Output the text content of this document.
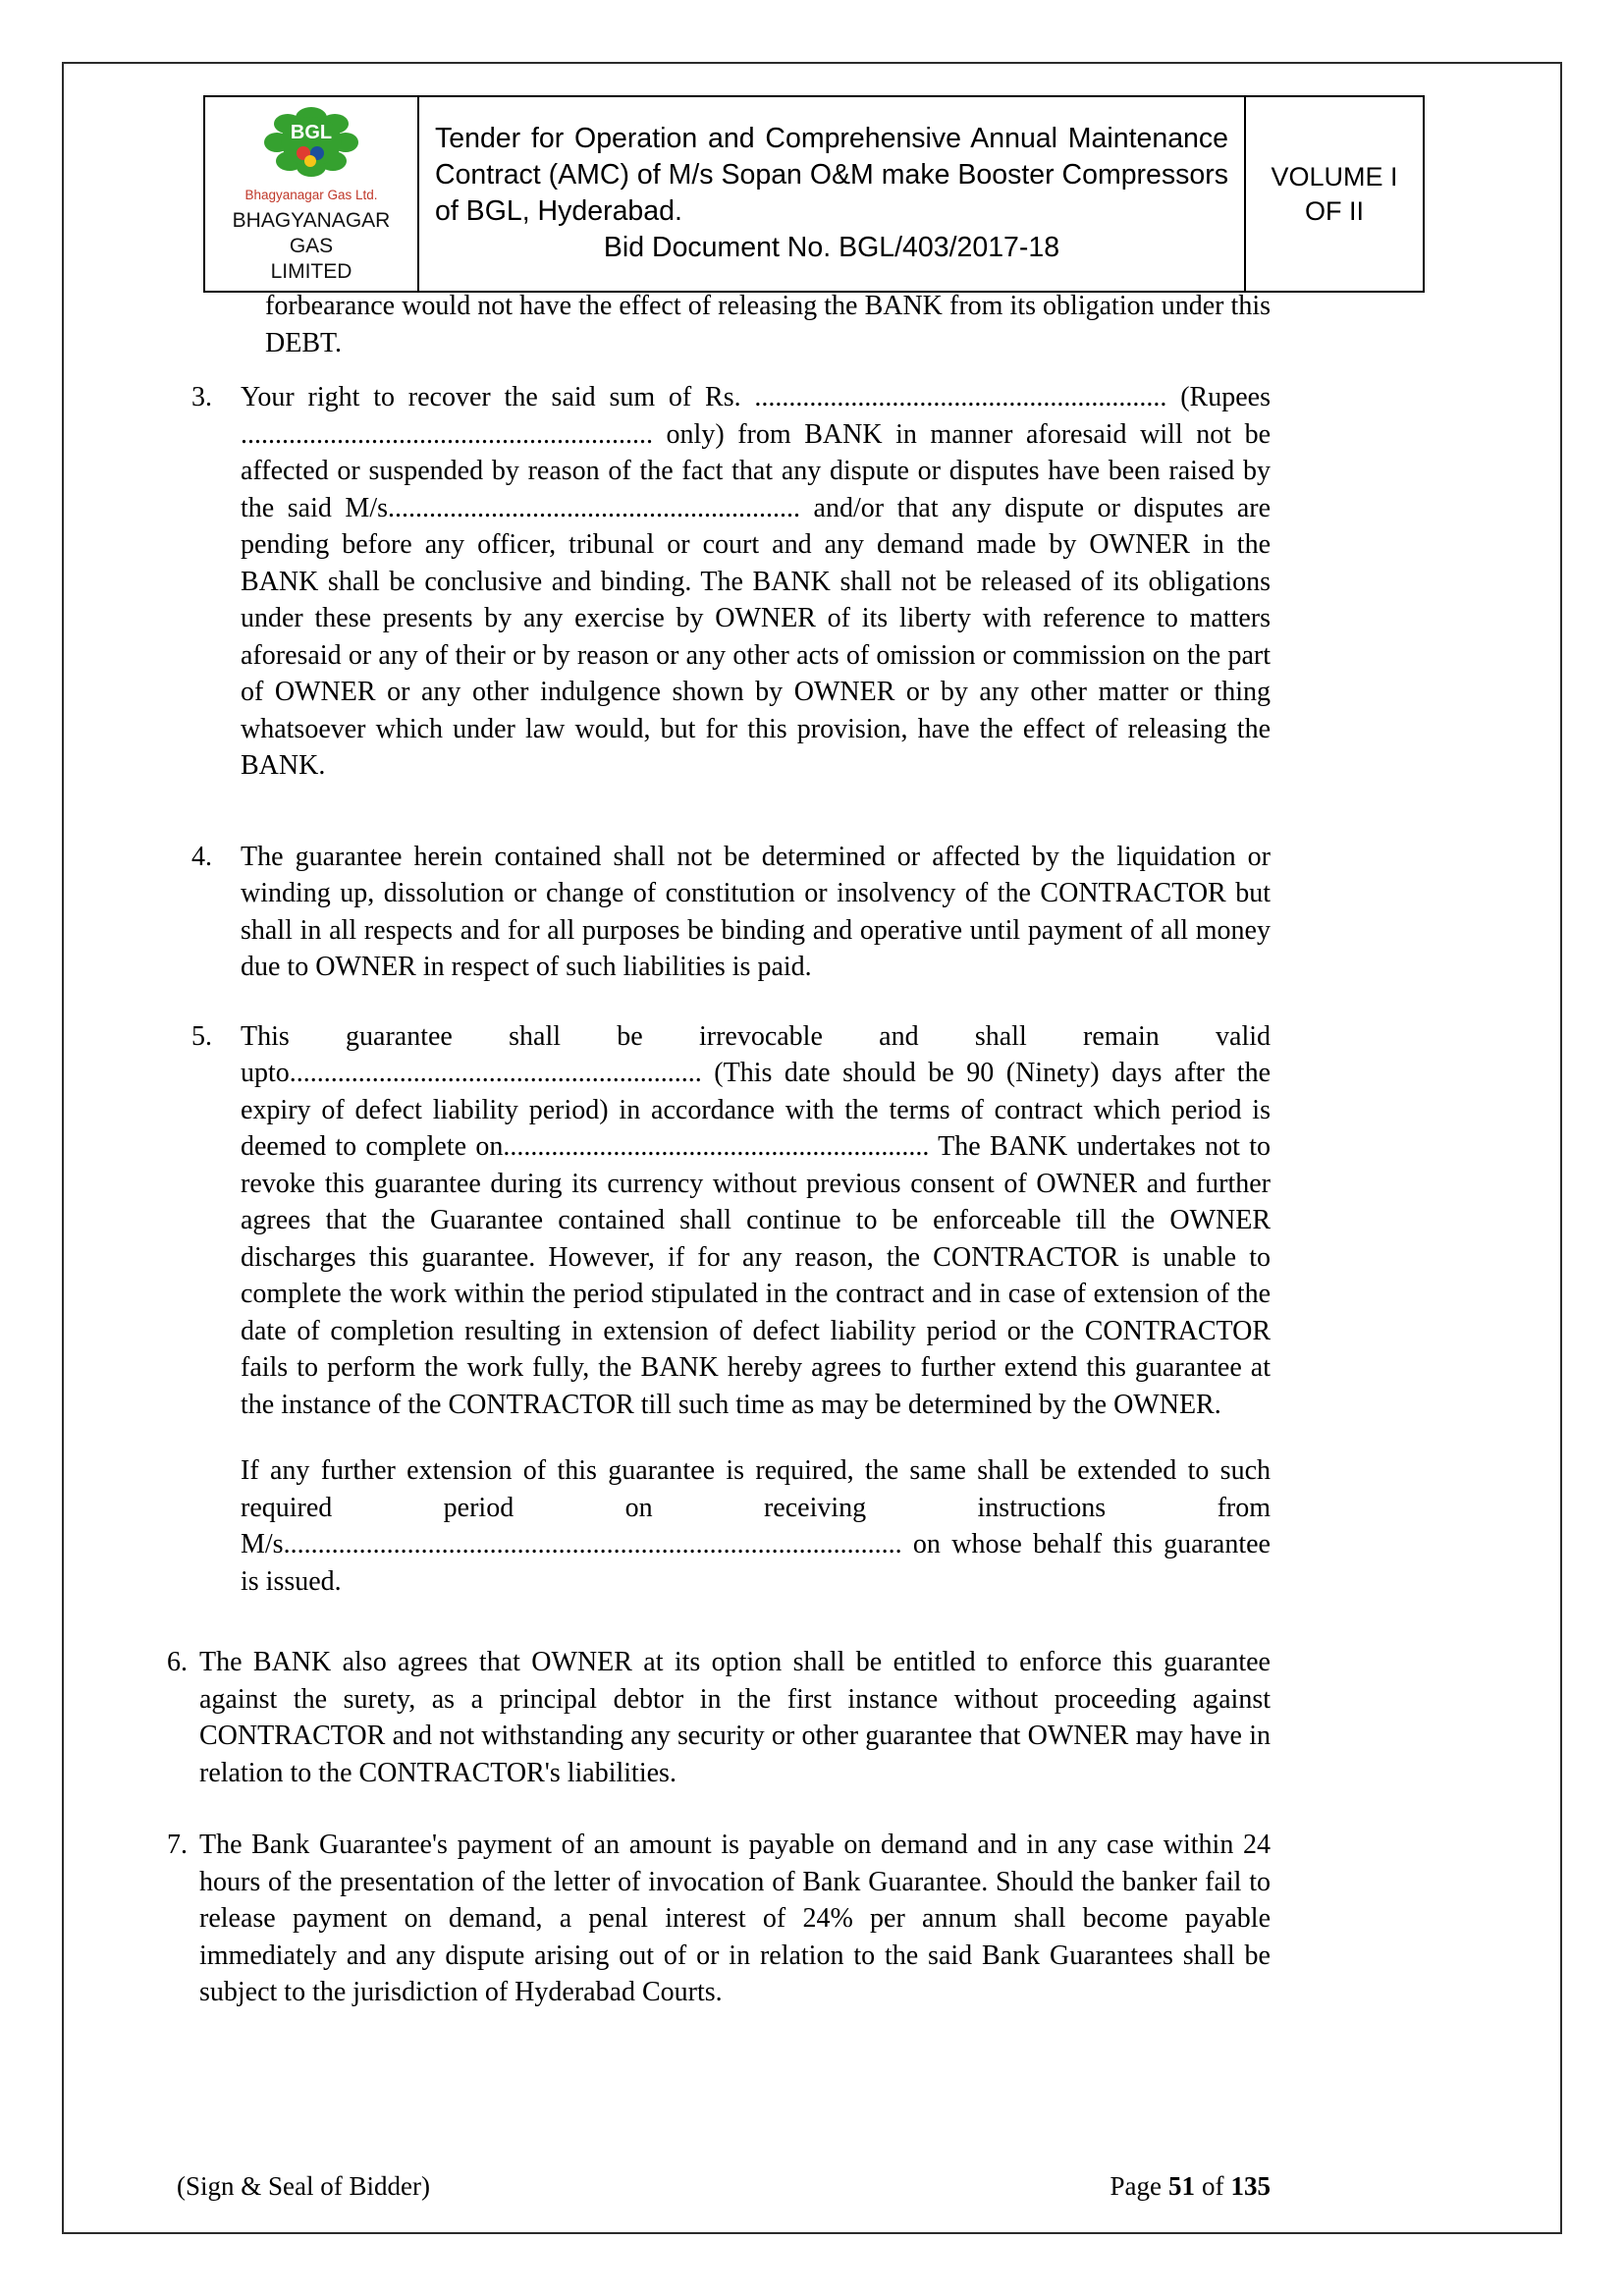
BGL
Bhagyanagar Gas Ltd.
BHAGYANAGAR GAS
LIMITED

Tender for Operation and Comprehensive Annual Maintenance Contract (AMC) of M/s Sopan O&M make Booster Compressors of BGL, Hyderabad.
Bid Document No. BGL/403/2017-18

VOLUME I
OF II
forbearance would not have the effect of releasing the BANK from its obligation under this DEBT.
3. Your right to recover the said sum of Rs. ............................................................ (Rupees ............................................................ only) from BANK in manner aforesaid will not be affected or suspended by reason of the fact that any dispute or disputes have been raised by the said M/s............................................................ and/or that any dispute or disputes are pending before any officer, tribunal or court and any demand made by OWNER in the BANK shall be conclusive and binding. The BANK shall not be released of its obligations under these presents by any exercise by OWNER of its liberty with reference to matters aforesaid or any of their or by reason or any other acts of omission or commission on the part of OWNER or any other indulgence shown by OWNER or by any other matter or thing whatsoever which under law would, but for this provision, have the effect of releasing the BANK.
4. The guarantee herein contained shall not be determined or affected by the liquidation or winding up, dissolution or change of constitution or insolvency of the CONTRACTOR but shall in all respects and for all purposes be binding and operative until payment of all money due to OWNER in respect of such liabilities is paid.
5. This guarantee shall be irrevocable and shall remain valid upto............................................................ (This date should be 90 (Ninety) days after the expiry of defect liability period) in accordance with the terms of contract which period is deemed to complete on.............................................................. The BANK undertakes not to revoke this guarantee during its currency without previous consent of OWNER and further agrees that the Guarantee contained shall continue to be enforceable till the OWNER discharges this guarantee. However, if for any reason, the CONTRACTOR is unable to complete the work within the period stipulated in the contract and in case of extension of the date of completion resulting in extension of defect liability period or the CONTRACTOR fails to perform the work fully, the BANK hereby agrees to further extend this guarantee at the instance of the CONTRACTOR till such time as may be determined by the OWNER.
If any further extension of this guarantee is required, the same shall be extended to such required period on receiving instructions from M/s.......................................................................................... on whose behalf this guarantee is issued.
6. The BANK also agrees that OWNER at its option shall be entitled to enforce this guarantee against the surety, as a principal debtor in the first instance without proceeding against CONTRACTOR and not withstanding any security or other guarantee that OWNER may have in relation to the CONTRACTOR's liabilities.
7. The Bank Guarantee's payment of an amount is payable on demand and in any case within 24 hours of the presentation of the letter of invocation of Bank Guarantee. Should the banker fail to release payment on demand, a penal interest of 24% per annum shall become payable immediately and any dispute arising out of or in relation to the said Bank Guarantees shall be subject to the jurisdiction of Hyderabad Courts.
(Sign & Seal of Bidder)	Page 51 of 135
